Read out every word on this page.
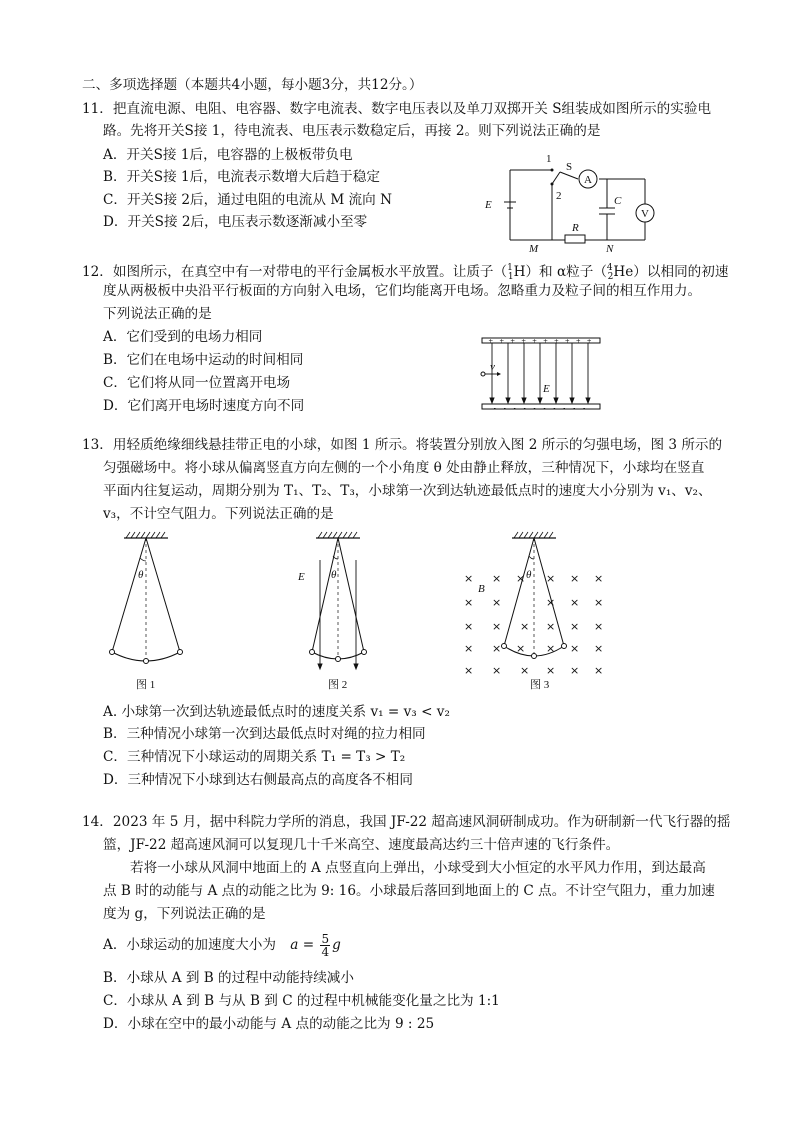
二、多项选择题（本题共4小题，每小题3分，共12分。）
11．把直流电源、电阻、电容器、数字电流表、数字电压表以及单刀双掷开关 S组装成如图所示的实验电
路。先将开关S接 1，待电流表、电压表示数稳定后，再接 2。则下列说法正确的是
A．开关S接 1后，电容器的上极板带负电
B．开关S接 1后，电流表示数增大后趋于稳定
C．开关S接 2后，通过电阻的电流从 M 流向 N
D．开关S接 2后，电压表示数逐渐减小至零
A
V
1
S
2
E	C
R
M	N
12．如图所示，在真空中有一对带电的平行金属板水平放置。让质子（$^1_1$H）和 α粒子（$^4_2$He）以相同的初速
度从两极板中央沿平行板面的方向射入电场，它们均能离开电场。忽略重力及粒子间的相互作用力。
下列说法正确的是
A．它们受到的电场力相同
B．它们在电场中运动的时间相同
C．它们将从同一位置离开电场
D．它们离开电场时速度方向不同
+ + + + + + + + + +
- - - - - - - - - -
v
E
13．用轻质绝缘细线悬挂带正电的小球，如图 1 所示。将装置分别放入图 2 所示的匀强电场，图 3 所示的
匀强磁场中。将小球从偏离竖直方向左侧的一个小角度 θ 处由静止释放，三种情况下，小球均在竖直
平面内往复运动，周期分别为 T₁、T₂、T₃，小球第一次到达轨迹最低点时的速度大小分别为 v₁、v₂、
v₃，不计空气阻力。下列说法正确的是
θ
图 1
θ
E
图 2
× × × × × ×
× ×	× × ×
× × × × × ×
× × × × × ×
× × × × × ×
θ
B
图 3
A. 小球第一次到达轨迹最低点时的速度关系 v₁ = v₃ < v₂
B．三种情况小球第一次到达最低点时对绳的拉力相同
C．三种情况下小球运动的周期关系 T₁ = T₃ > T₂
D．三种情况下小球到达右侧最高点的高度各不相同
14．2023 年 5 月，据中科院力学所的消息，我国 JF-22 超高速风洞研制成功。作为研制新一代飞行器的摇
篮，JF-22 超高速风洞可以复现几十千米高空、速度最高达约三十倍声速的飞行条件。
若将一小球从风洞中地面上的 A 点竖直向上弹出，小球受到大小恒定的水平风力作用，到达最高
点 B 时的动能与 A 点的动能之比为 9: 16。小球最后落回到地面上的 C 点。不计空气阻力，重力加速
度为 g，下列说法正确的是
A．小球运动的加速度大小为 $a = \frac{5}{4}$ g
B．小球从 A 到 B 的过程中动能持续减小
C．小球从 A 到 B 与从 B 到 C 的过程中机械能变化量之比为 1:1
D．小球在空中的最小动能与 A 点的动能之比为 9 : 25
